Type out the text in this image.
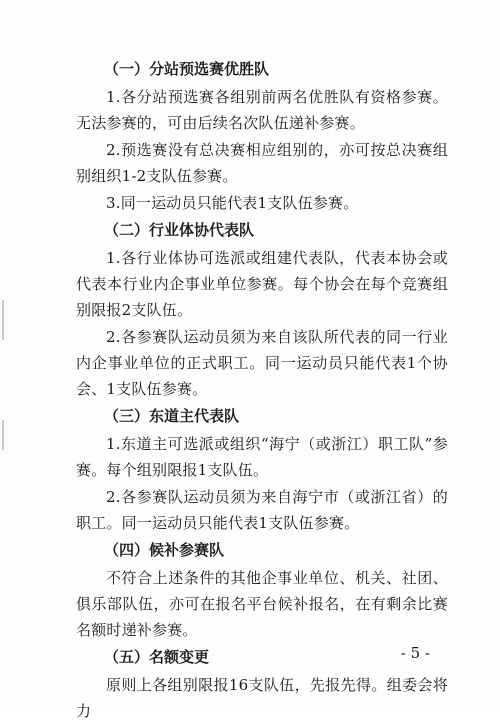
（一）分站预选赛优胜队

1.各分站预选赛各组别前两名优胜队有资格参赛。无法参赛的，可由后续名次队伍递补参赛。

2.预选赛没有总决赛相应组别的，亦可按总决赛组别组织1-2支队伍参赛。

3.同一运动员只能代表1支队伍参赛。

（二）行业体协代表队

1.各行业体协可选派或组建代表队，代表本协会或代表本行业内企事业单位参赛。每个协会在每个竞赛组别限报2支队伍。

2.各参赛队运动员须为来自该队所代表的同一行业内企事业单位的正式职工。同一运动员只能代表1个协会、1支队伍参赛。

（三）东道主代表队

1.东道主可选派或组织“海宁（或浙江）职工队”参赛。每个组别限报1支队伍。

2.各参赛队运动员须为来自海宁市（或浙江省）的职工。同一运动员只能代表1支队伍参赛。

（四）候补参赛队

不符合上述条件的其他企事业单位、机关、社团、俱乐部队伍，亦可在报名平台候补报名，在有剩余比赛名额时递补参赛。

（五）名额变更

原则上各组别限报16支队伍，先报先得。组委会将力

- 5 -
